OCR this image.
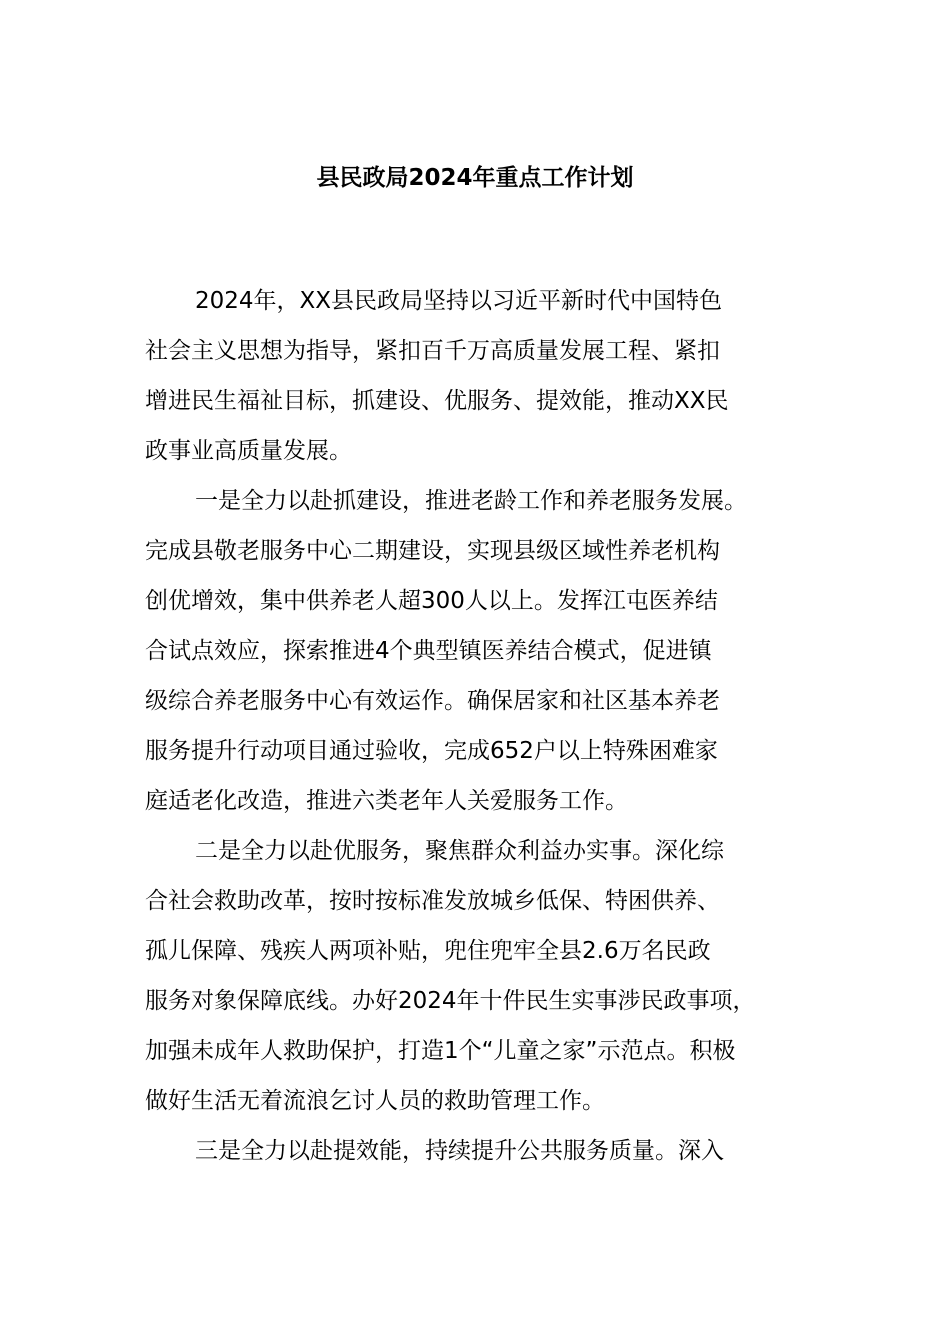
县民政局2024年重点工作计划
2024年，XX县民政局坚持以习近平新时代中国特色
社会主义思想为指导，紧扣百千万高质量发展工程、紧扣
增进民生福祉目标，抓建设、优服务、提效能，推动XX民
政事业高质量发展。
一是全力以赴抓建设，推进老龄工作和养老服务发展。
完成县敬老服务中心二期建设，实现县级区域性养老机构
创优增效，集中供养老人超300人以上。发挥江屯医养结
合试点效应，探索推进4个典型镇医养结合模式，促进镇
级综合养老服务中心有效运作。确保居家和社区基本养老
服务提升行动项目通过验收，完成652户以上特殊困难家
庭适老化改造，推进六类老年人关爱服务工作。
二是全力以赴优服务，聚焦群众利益办实事。深化综
合社会救助改革，按时按标准发放城乡低保、特困供养、
孤儿保障、残疾人两项补贴，兜住兜牢全县2.6万名民政
服务对象保障底线。办好2024年十件民生实事涉民政事项，
加强未成年人救助保护，打造1个“儿童之家”示范点。积极
做好生活无着流浪乞讨人员的救助管理工作。
三是全力以赴提效能，持续提升公共服务质量。深入
